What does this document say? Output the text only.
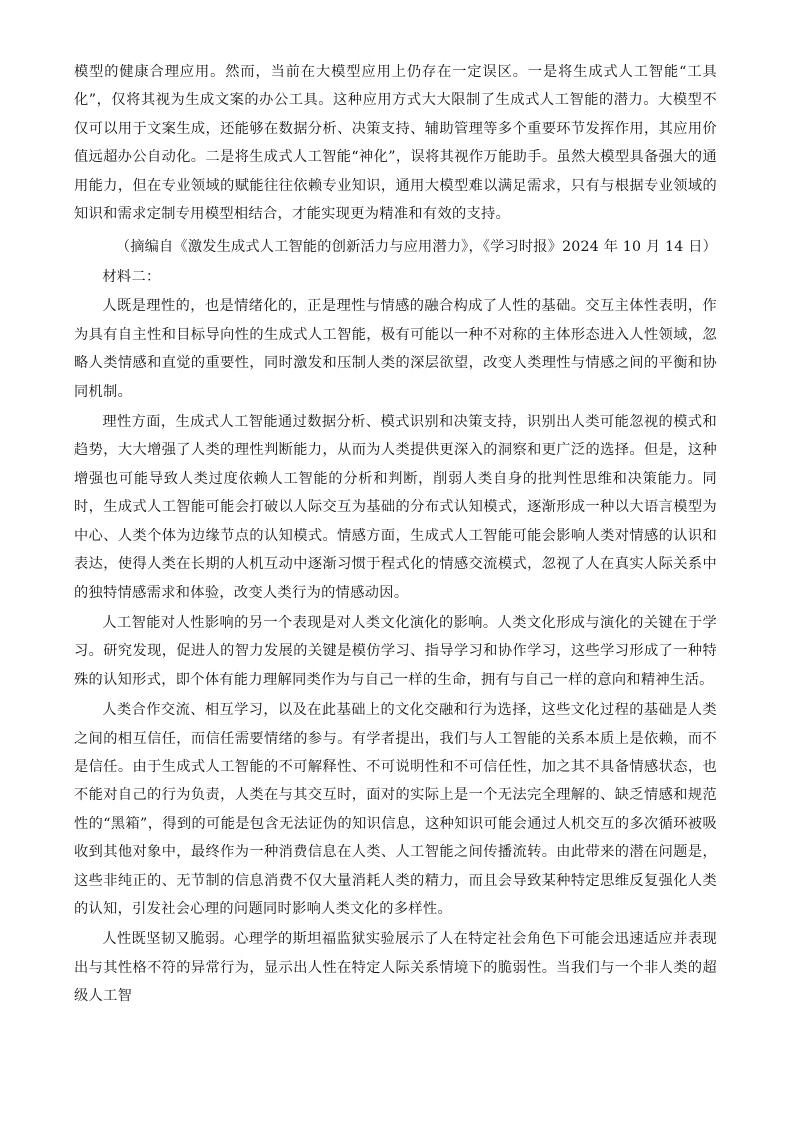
模型的健康合理应用。然而，当前在大模型应用上仍存在一定误区。一是将生成式人工智能“工具化”，仅将其视为生成文案的办公工具。这种应用方式大大限制了生成式人工智能的潜力。大模型不仅可以用于文案生成，还能够在数据分析、决策支持、辅助管理等多个重要环节发挥作用，其应用价值远超办公自动化。二是将生成式人工智能“神化”，误将其视作万能助手。虽然大模型具备强大的通用能力，但在专业领域的赋能往往依赖专业知识，通用大模型难以满足需求，只有与根据专业领域的知识和需求定制专用模型相结合，才能实现更为精准和有效的支持。

（摘编自《激发生成式人工智能的创新活力与应用潜力》，《学习时报》2024 年 10 月 14 日）

材料二：

人既是理性的，也是情绪化的，正是理性与情感的融合构成了人性的基础。交互主体性表明，作为具有自主性和目标导向性的生成式人工智能，极有可能以一种不对称的主体形态进入人性领域，忽略人类情感和直觉的重要性，同时激发和压制人类的深层欲望，改变人类理性与情感之间的平衡和协同机制。

理性方面，生成式人工智能通过数据分析、模式识别和决策支持，识别出人类可能忽视的模式和趋势，大大增强了人类的理性判断能力，从而为人类提供更深入的洞察和更广泛的选择。但是，这种增强也可能导致人类过度依赖人工智能的分析和判断，削弱人类自身的批判性思维和决策能力。同时，生成式人工智能可能会打破以人际交互为基础的分布式认知模式，逐渐形成一种以大语言模型为中心、人类个体为边缘节点的认知模式。情感方面，生成式人工智能可能会影响人类对情感的认识和表达，使得人类在长期的人机互动中逐渐习惯于程式化的情感交流模式，忽视了人在真实人际关系中的独特情感需求和体验，改变人类行为的情感动因。

人工智能对人性影响的另一个表现是对人类文化演化的影响。人类文化形成与演化的关键在于学习。研究发现，促进人的智力发展的关键是模仿学习、指导学习和协作学习，这些学习形成了一种特殊的认知形式，即个体有能力理解同类作为与自己一样的生命，拥有与自己一样的意向和精神生活。

人类合作交流、相互学习，以及在此基础上的文化交融和行为选择，这些文化过程的基础是人类之间的相互信任，而信任需要情绪的参与。有学者提出，我们与人工智能的关系本质上是依赖，而不是信任。由于生成式人工智能的不可解释性、不可说明性和不可信任性，加之其不具备情感状态，也不能对自己的行为负责，人类在与其交互时，面对的实际上是一个无法完全理解的、缺乏情感和规范性的“黑箱”，得到的可能是包含无法证伪的知识信息，这种知识可能会通过人机交互的多次循环被吸收到其他对象中，最终作为一种消费信息在人类、人工智能之间传播流转。由此带来的潜在问题是，这些非纯正的、无节制的信息消费不仅大量消耗人类的精力，而且会导致某种特定思维反复强化人类的认知，引发社会心理的问题同时影响人类文化的多样性。

人性既坚韧又脆弱。心理学的斯坦福监狱实验展示了人在特定社会角色下可能会迅速适应并表现出与其性格不符的异常行为，显示出人性在特定人际关系情境下的脆弱性。当我们与一个非人类的超级人工智
